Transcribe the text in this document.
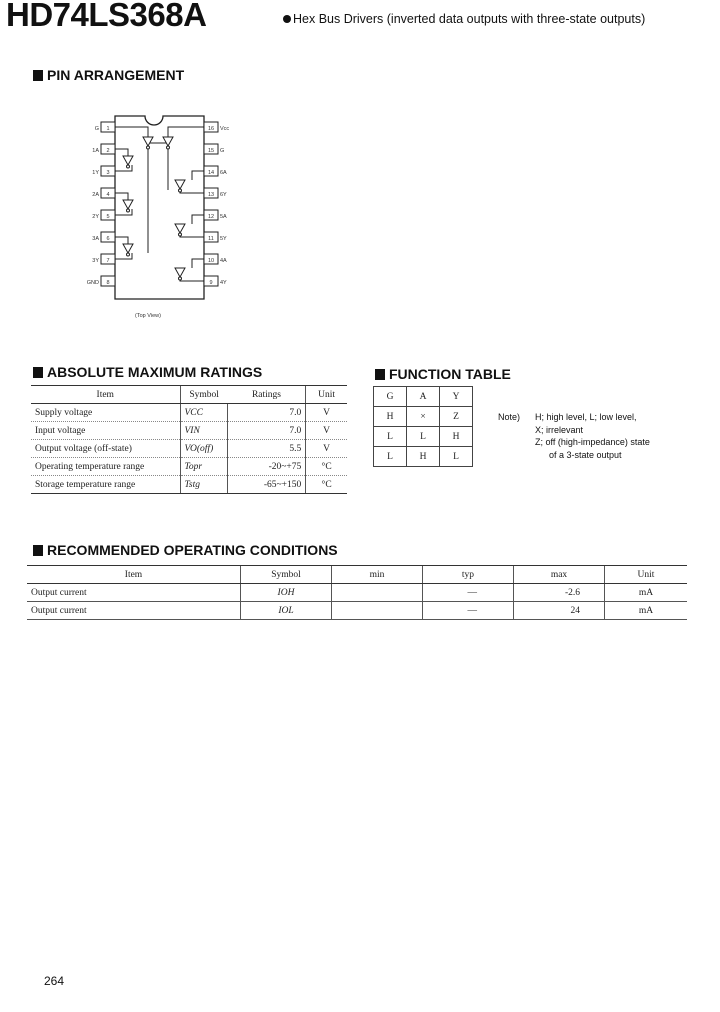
HD74LS368A	Hex Bus Drivers (inverted data outputs with three-state outputs)
PIN ARRANGEMENT
1
2
3
4
5
6
7
8
16
15
14
13
12
11
10
9
G
1A
1Y
2A
2Y
3A
3Y
GND
Vcc
G
6A
6Y
5A
5Y
4A
4Y
(Top View)
ABSOLUTE MAXIMUM RATINGS
Item	Symbol	Ratings	Unit
Supply voltage	VCC	7.0	V
Input voltage	VIN	7.0	V
Output voltage (off-state)	VO(off)	5.5	V
Operating temperature range	Topr	-20~+75	°C
Storage temperature range	Tstg	-65~+150	°C
FUNCTION TABLE
G	A	Y
H	×	Z
L	L	H
L	H	L
Note) H; high level, L; low level,
X; irrelevant
Z; off (high-impedance) state
of a 3-state output
RECOMMENDED OPERATING CONDITIONS
Item	Symbol	min	typ	max	Unit
Output current	IOH		—	-2.6	mA
Output current	IOL		—	24	mA
264
